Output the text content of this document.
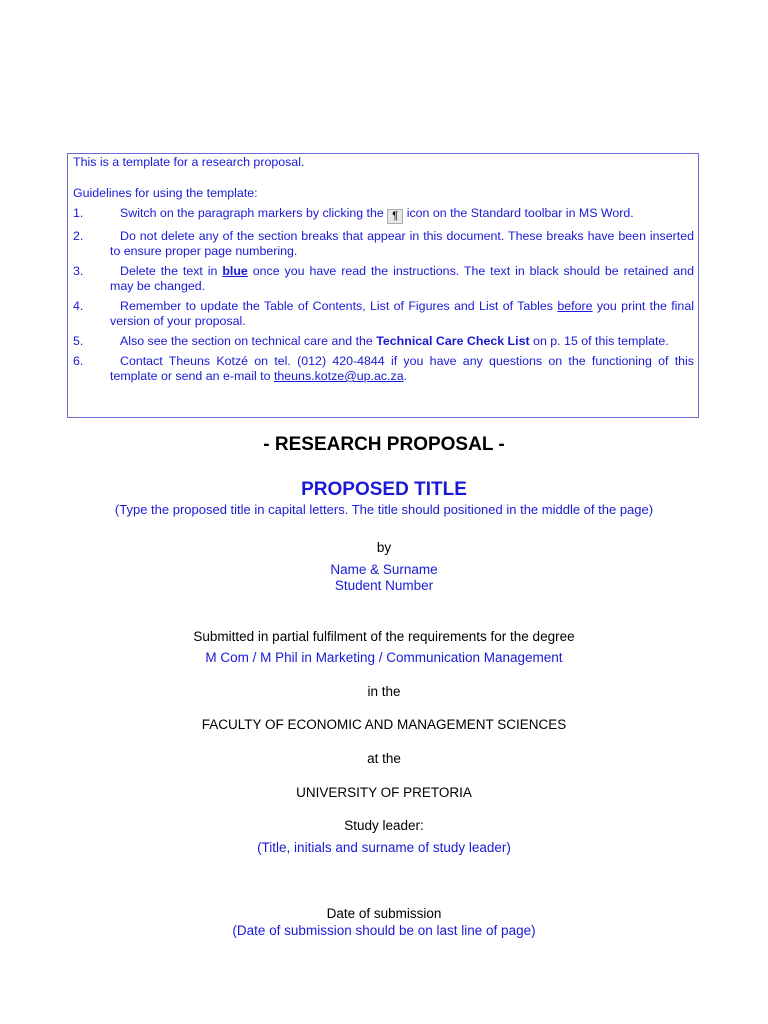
This is a template for a research proposal.

Guidelines for using the template:

1.	Switch on the paragraph markers by clicking the ¶ icon on the Standard toolbar in MS Word.
2.	Do not delete any of the section breaks that appear in this document. These breaks have been inserted to ensure proper page numbering.
3.	Delete the text in blue once you have read the instructions. The text in black should be retained and may be changed.
4.	Remember to update the Table of Contents, List of Figures and List of Tables before you print the final version of your proposal.
5.	Also see the section on technical care and the Technical Care Check List on p. 15 of this template.
6.	Contact Theuns Kotzé on tel. (012) 420-4844 if you have any questions on the functioning of this template or send an e-mail to theuns.kotze@up.ac.za.
- RESEARCH PROPOSAL -
PROPOSED TITLE
(Type the proposed title in capital letters. The title should positioned in the middle of the page)
by
Name & Surname
Student Number
Submitted in partial fulfilment of the requirements for the degree
M Com / M Phil in Marketing / Communication Management
in the
FACULTY OF ECONOMIC AND MANAGEMENT SCIENCES
at the
UNIVERSITY OF PRETORIA
Study leader:
(Title, initials and surname of study leader)
Date of submission
(Date of submission should be on last line of page)
